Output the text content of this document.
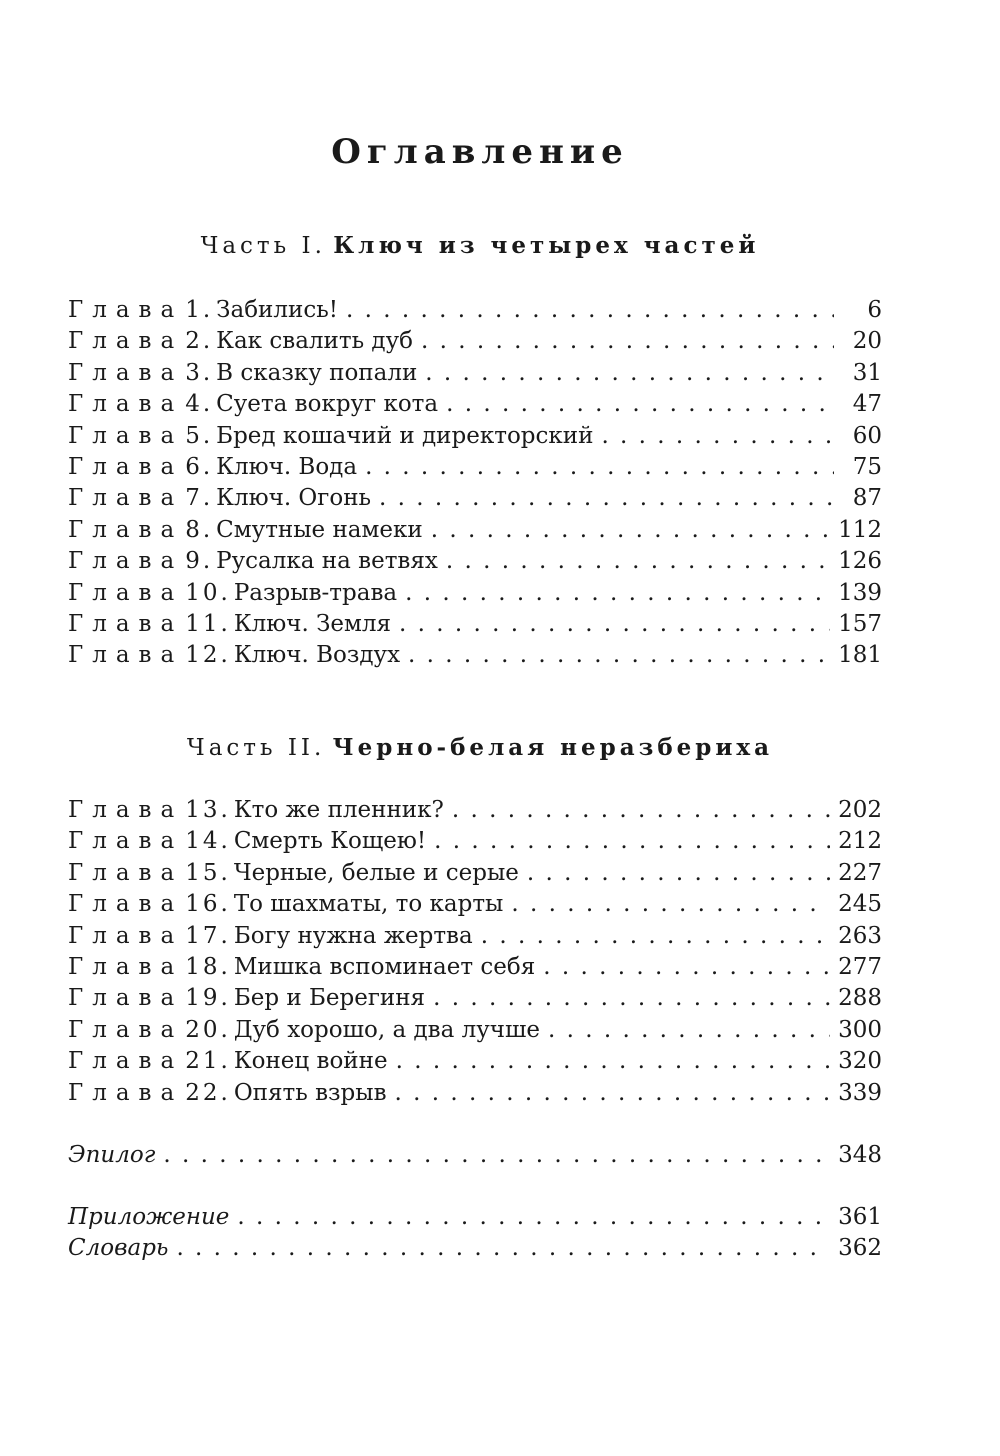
Оглавление
Часть I. Ключ из четырех частей
Глава 1 . Забились! . . .	6
Глава 2 . Как свалить дуб . . .	20
Глава 3 . В сказку попали . . .	31
Глава 4 . Суета вокруг кота . . .	47
Глава 5 . Бред кошачий и директорский . . .	60
Глава 6 . Ключ. Вода . . .	75
Глава 7 . Ключ. Огонь . . .	87
Глава 8 . Смутные намеки . . .	112
Глава 9 . Русалка на ветвях . . .	126
Глава 10 . Разрыв-трава . . .	139
Глава 11 . Ключ. Земля . . .	157
Глава 12 . Ключ. Воздух . . .	181
Часть II. Черно-белая неразбериха
Глава 13 . Кто же пленник? . . .	202
Глава 14 . Смерть Кощею! . . .	212
Глава 15 . Черные, белые и серые . . .	227
Глава 16 . То шахматы, то карты . . .	245
Глава 17 . Богу нужна жертва . . .	263
Глава 18 . Мишка вспоминает себя . . .	277
Глава 19 . Бер и Берегиня . . .	288
Глава 20 . Дуб хорошо, а два лучше . . .	300
Глава 21 . Конец войне . . .	320
Глава 22 . Опять взрыв . . .	339
Эпилог . . .	348
Приложение . . .	361
Словарь . . .	362
